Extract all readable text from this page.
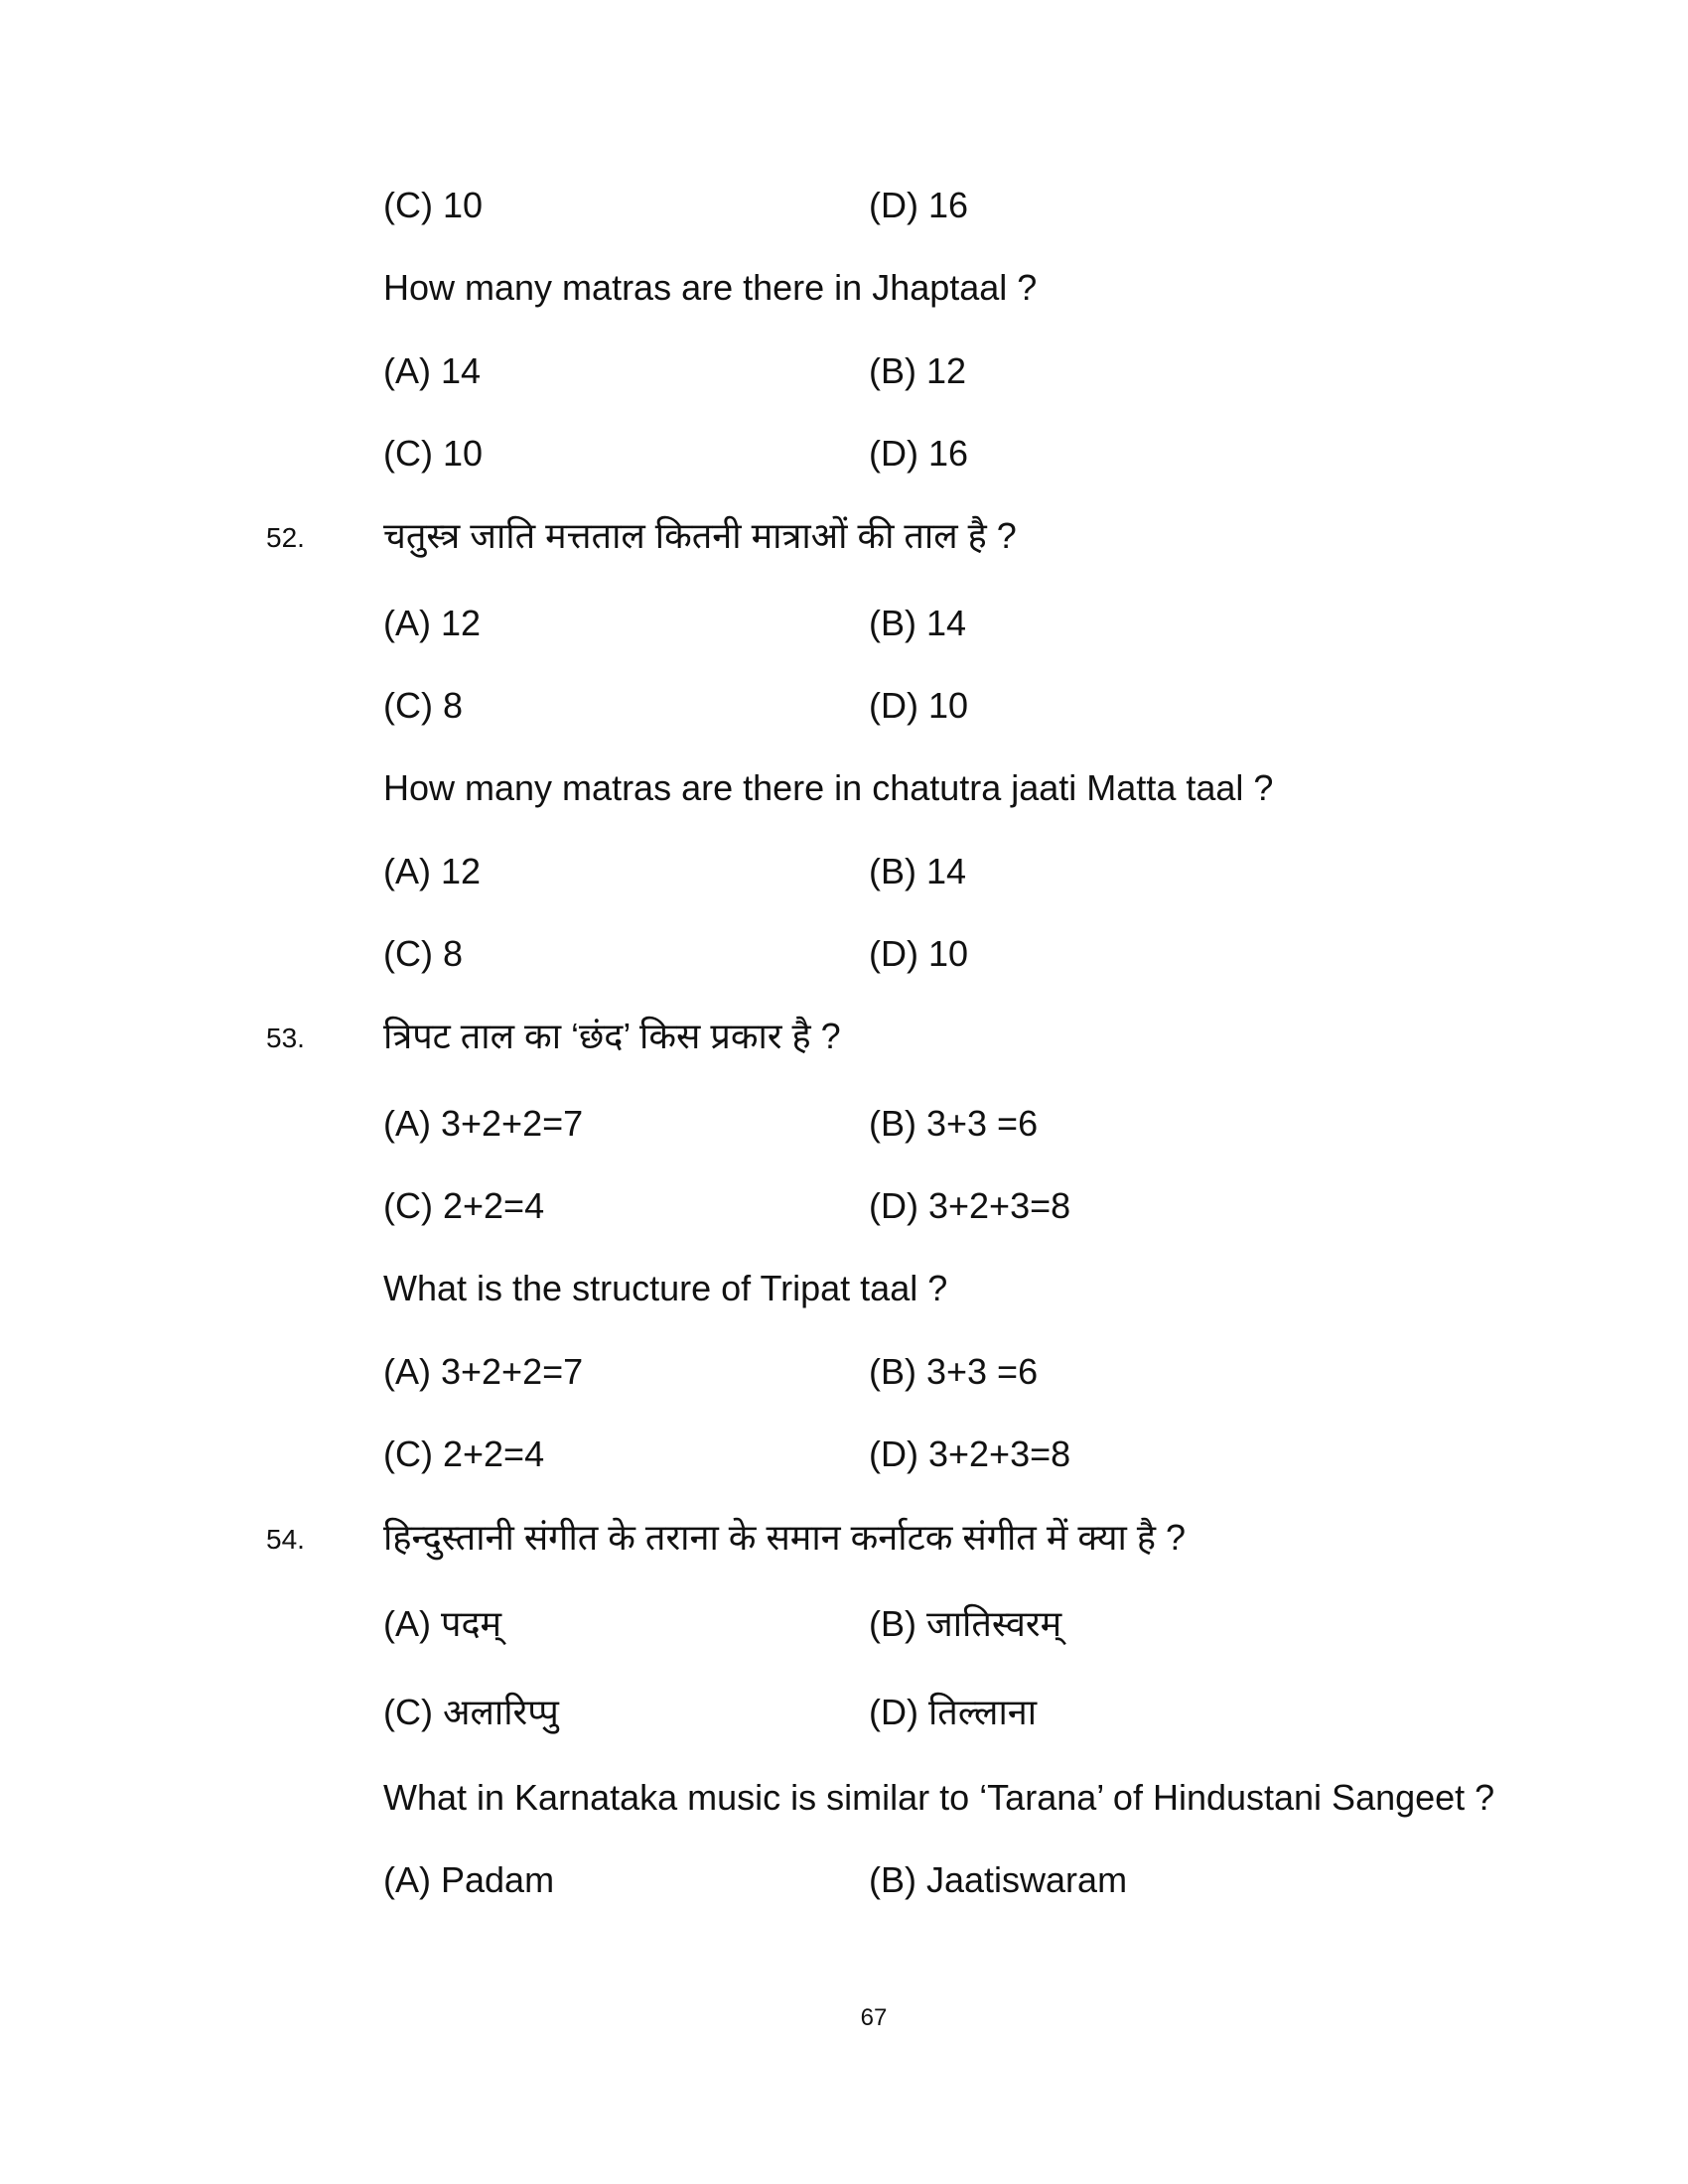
(C) 10	(D) 16
How many matras are there in Jhaptaal ?
(A) 14	(B) 12
(C) 10	(D) 16
52. चतुस्त्र जाति मत्तताल कितनी मात्राओं की ताल है ?
(A) 12	(B) 14
(C) 8	(D) 10
How many matras are there in chatutra jaati Matta taal ?
(A) 12	(B) 14
(C) 8	(D) 10
53. त्रिपट ताल का ‘छंद’ किस प्रकार है ?
(A) 3+2+2=7	(B) 3+3 =6
(C) 2+2=4	(D) 3+2+3=8
What is the structure of Tripat taal ?
(A) 3+2+2=7	(B) 3+3 =6
(C) 2+2=4	(D) 3+2+3=8
54. हिन्दुस्तानी संगीत के तराना के समान कर्नाटक संगीत में क्या है ?
(A) पदम्	(B) जातिस्वरम्
(C) अलारिप्पु	(D) तिल्लाना
What in Karnataka music is similar to ‘Tarana’ of Hindustani Sangeet ?
(A) Padam	(B) Jaatiswaram
67
